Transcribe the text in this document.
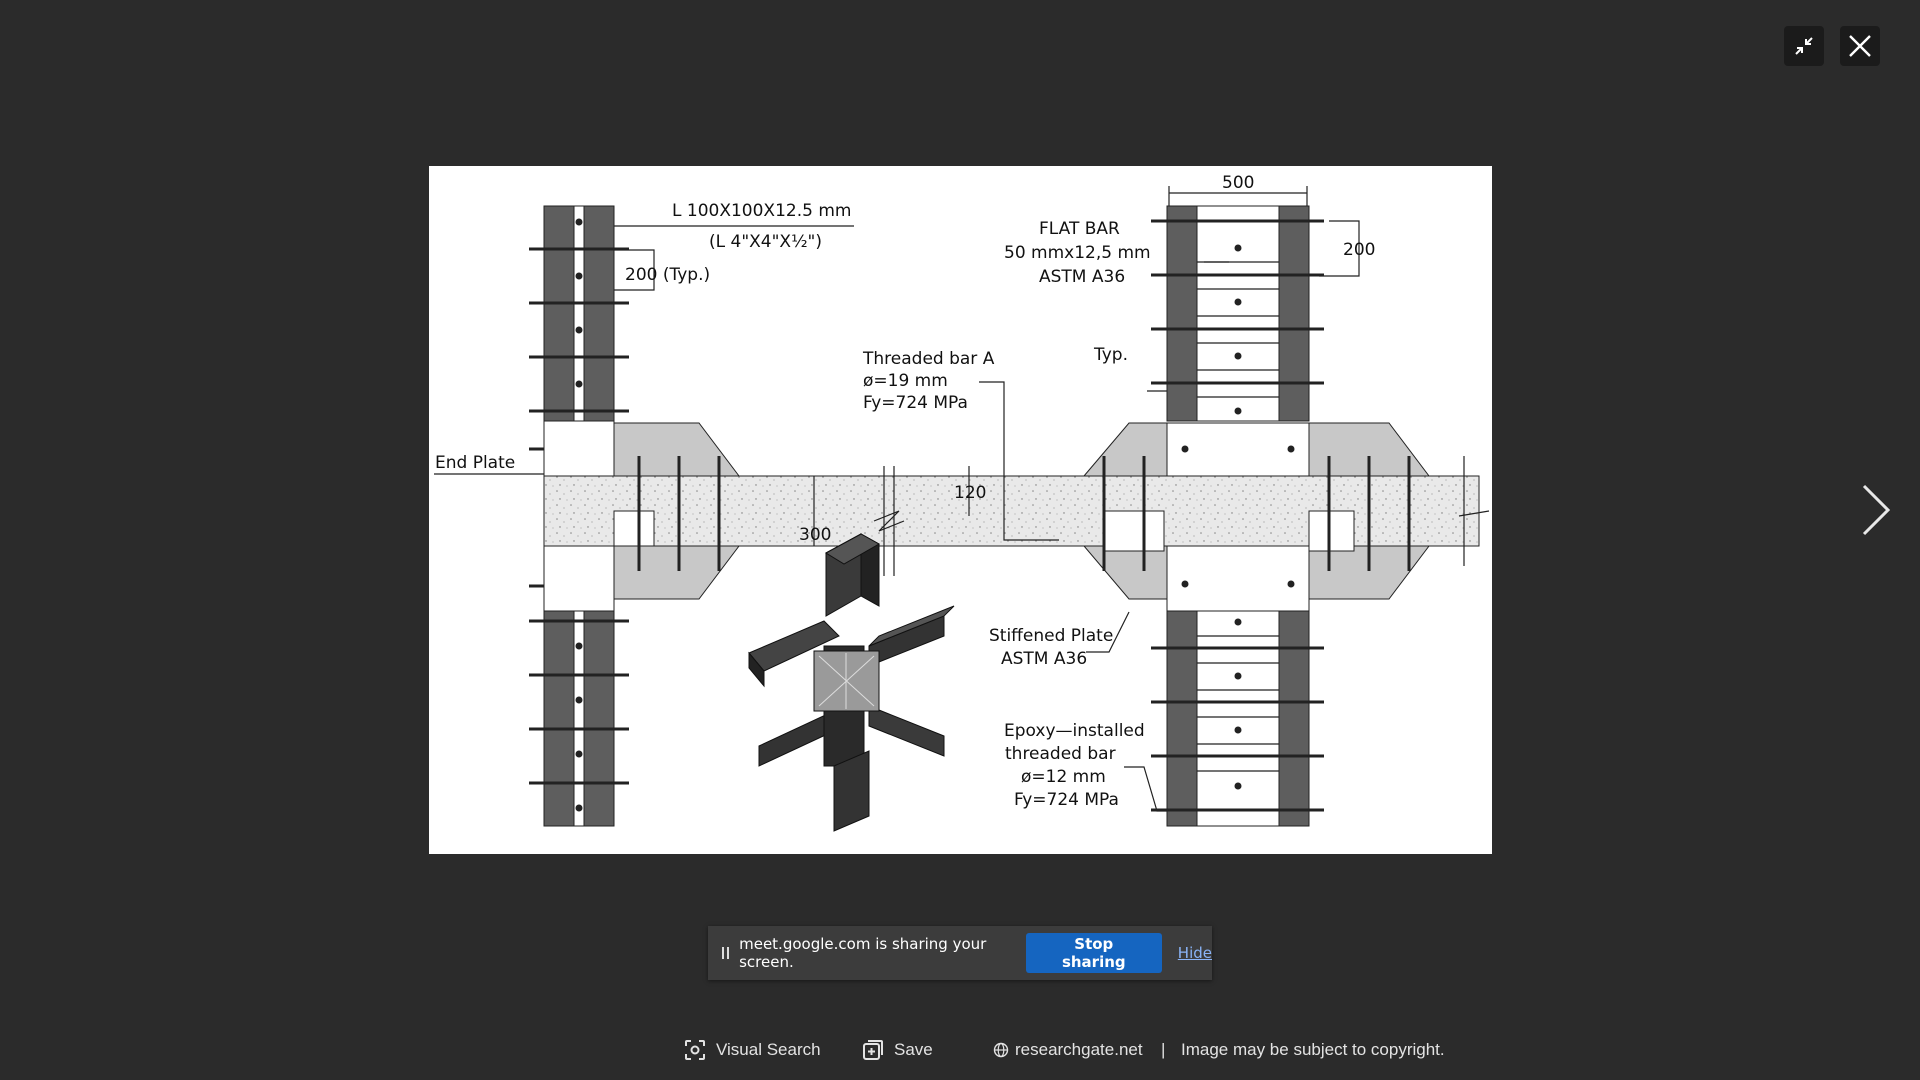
L 100X100X12.5 mm
(L 4"X4"X½")
200 (Typ.)
End Plate
Threaded bar A
ø=19 mm
Fy=724 MPa
FLAT BAR
50 mmx12,5 mm
ASTM A36
500
200
Typ.
120
300
Stiffened Plate
ASTM A36
Epoxy—installed
threaded bar
ø=12 mm
Fy=724 MPa
meet.google.com is sharing your screen.
Stop sharing	Hide
Visual Search	Save	researchgate.net | Image may be subject to copyright.
